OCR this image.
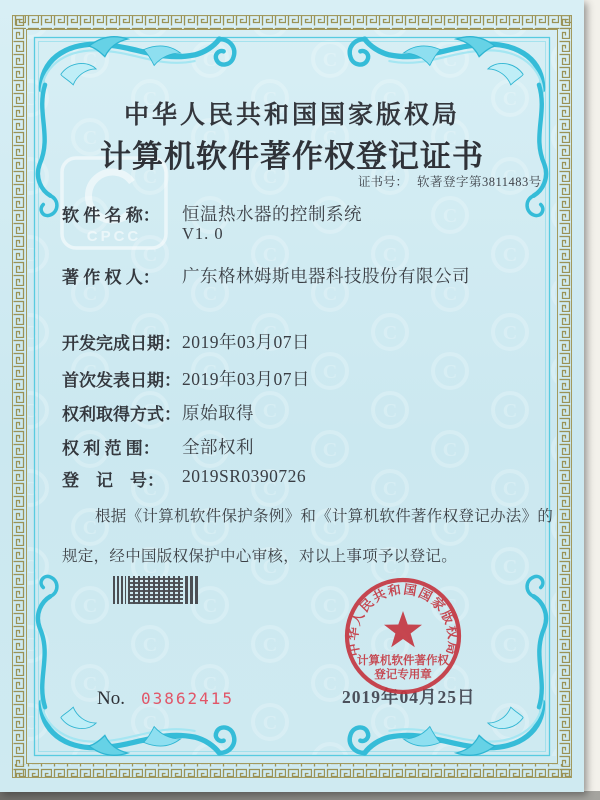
CPCC
中华人民共和国国家版权局
计算机软件著作权登记证书
证书号： 软著登字第3811483号
软 件 名 称：	恒温热水器的控制系统
V1. 0
著 作 权 人：	广东格林姆斯电器科技股份有限公司
开发完成日期： 2019年03月07日
首次发表日期： 2019年03月07日
权利取得方式： 原始取得
权 利 范 围：	全部权利
登　记　号：	2019SR0390726
根据《计算机软件保护条例》和《计算机软件著作权登记办法》的
规定，经中国版权保护中心审核，对以上事项予以登记。
2019年04月25日
中华人民共和国国家版权局
计算机软件著作权
登记专用章
No. 03862415
